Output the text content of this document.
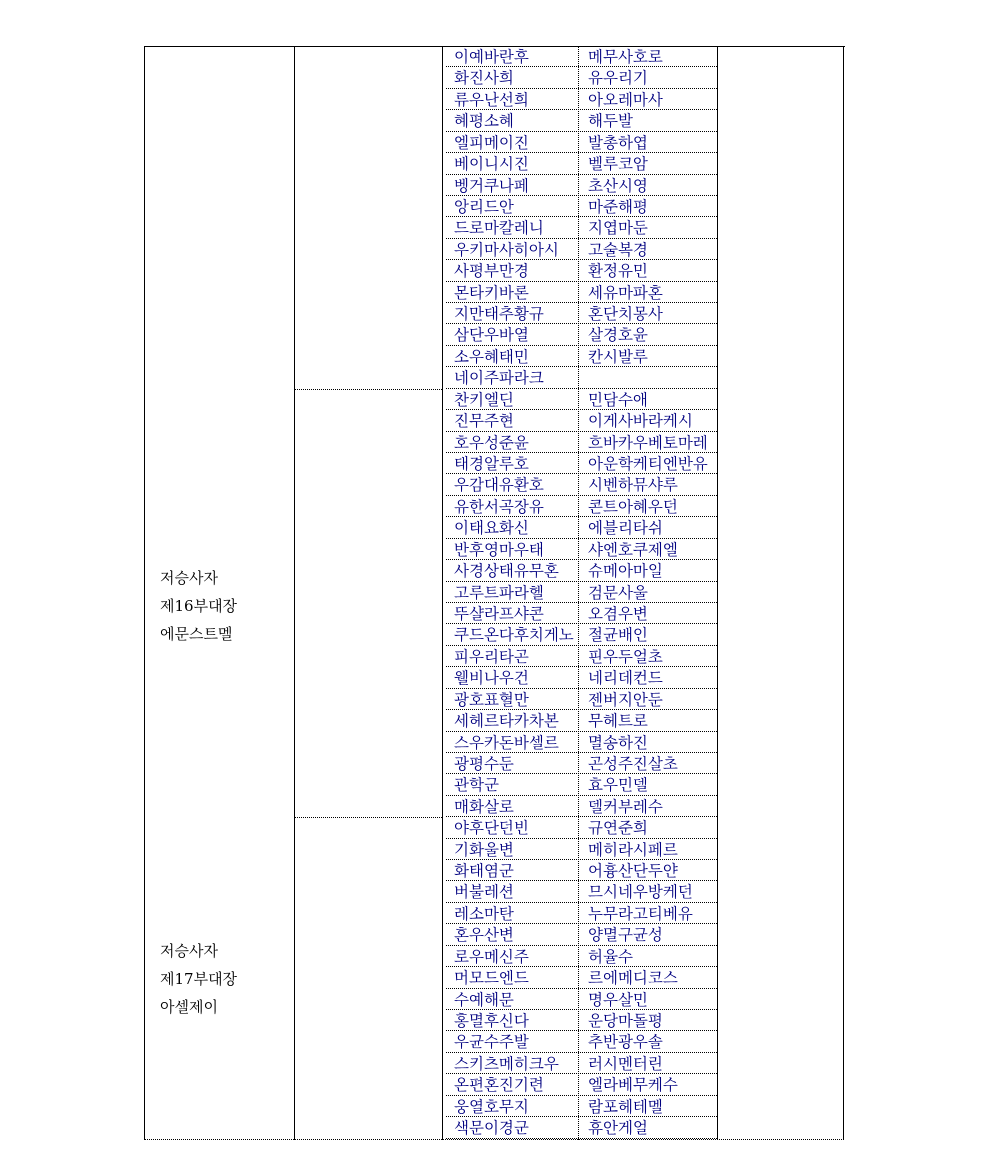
저승사자
제16부대장
에문스트멜
저승사자
제17부대장
아셀제이
이예바란후	메무사호로
화진사희	유우리기
류우난선희	아오레마사
혜평소혜	해두발
엘피메이진	발총하엽
베이니시진	벨루코암
벵거쿠나페	초산시영
앙리드안	마준해평
드로마칼레니	지엽마둔
우키마사히아시	고술복경
사평부만경	환정유민
몬타키바론	세유마파혼
지만태추황규	혼단치몽사
삼단우바열	살경호윤
소우혜태민	칸시발루
네이주파라크
찬키엘딘	민담수애
진무주현	이게사바라케시
호우성준윤	흐바카우베토마레
태경알루호	아운학케티엔반유
우감대유환호	시벤하뮤샤루
유한서곡장유	콘트아혜우던
이태요화신	에블리타쉬
반후영마우태	샤엔호쿠제엘
사경상태유무혼	슈메아마일
고루트파라헬	검문사울
뚜샬라프샤콘	오겸우변
쿠드온다후치게노 절균배인
피우리타곤	핀우두얼초
웰비나우건	네리데컨드
광호표혈만	젠버지안둔
세헤르타카차본	무헤트로
스우카돈바셀르	멸송하진
광평수둔	곤성주진살초
관학군	효우민델
매화살로	델커부레수
야후단던빈	규연준희
기화울변	메히라시페르
화태염군	어흉산단두얀
버불레션	므시네우방케던
레소마탄	누무라고티베유
혼우산변	양멸구균성
로우메신주	허율수
머모드엔드	르에메디코스
수예해문	명우살민
홍멸후신다	운당마돌평
우균수주발	추반광우솔
스키츠메히크우	러시멘터린
온편혼진기련	엘라베무케수
웅열호무지	람포헤테멜
색문이경군	휴안게얼
